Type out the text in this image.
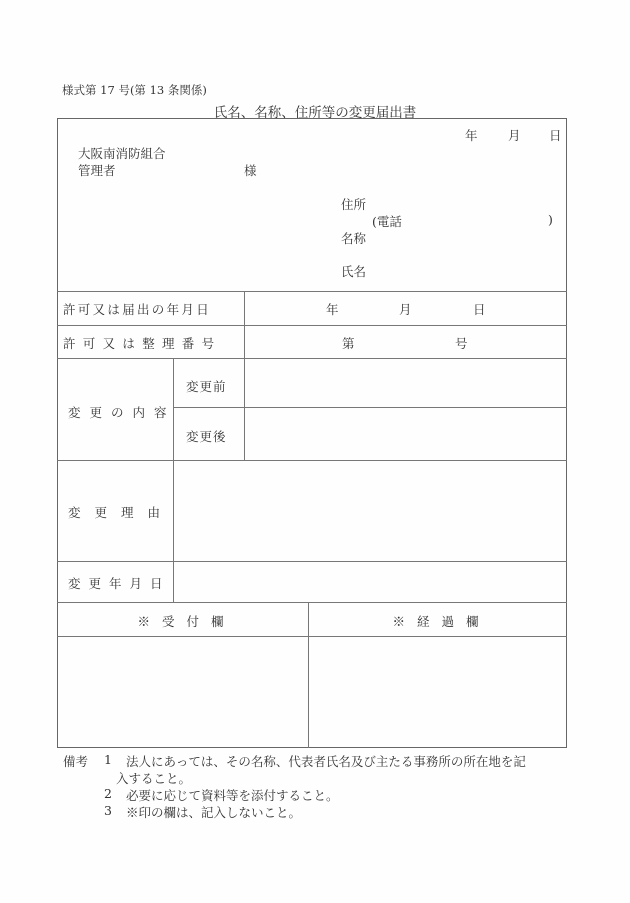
様式第 17 号(第 13 条関係)
氏名、名称、住所等の変更届出書
年 月 日
大阪南消防組合
管理者	様
住所
(電話	)
名称
氏名
許可又は届出の年月日	年	月	日
許可又は整理番号	第	号
変更の内容
変更前
変更後
変更理由
変更年月日
※ 受 付 欄	※ 経 過 欄
備考 1 法人にあっては、その名称、代表者氏名及び主たる事務所の所在地を記
入すること。
2 必要に応じて資料等を添付すること。
3 ※印の欄は、記入しないこと。
